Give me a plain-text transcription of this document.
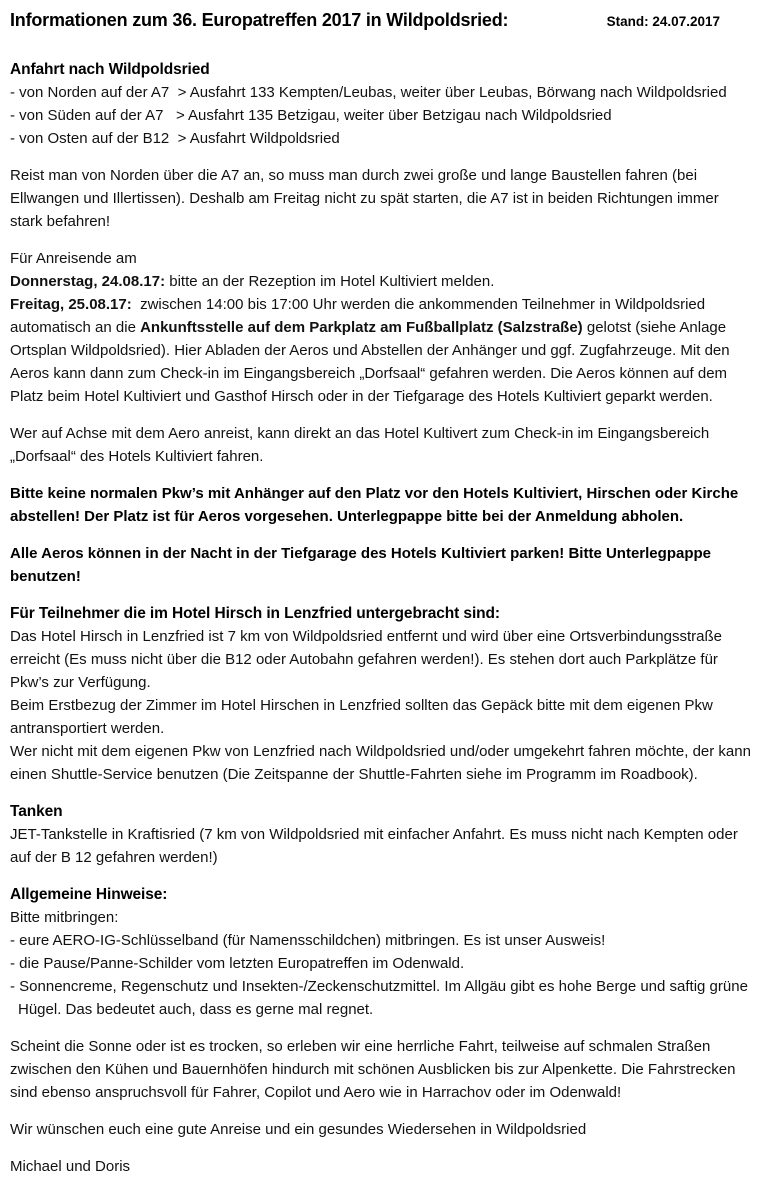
Informationen zum 36. Europatreffen 2017 in Wildpoldsried:	Stand: 24.07.2017
Anfahrt nach Wildpoldsried

- von Norden auf der A7  > Ausfahrt 133 Kempten/Leubas, weiter über Leubas, Börwang nach Wildpoldsried

- von Süden auf der A7   > Ausfahrt 135 Betzigau, weiter über Betzigau nach Wildpoldsried

- von Osten auf der B12  > Ausfahrt Wildpoldsried

Reist man von Norden über die A7 an, so muss man durch zwei große und lange Baustellen fahren (bei Ellwangen und Illertissen). Deshalb am Freitag nicht zu spät starten, die A7 ist in beiden Richtungen immer stark befahren!

Für Anreisende am

Donnerstag, 24.08.17: bitte an der Rezeption im Hotel Kultiviert melden.

Freitag, 25.08.17:  zwischen 14:00 bis 17:00 Uhr werden die ankommenden Teilnehmer in Wildpoldsried automatisch an die Ankunftsstelle auf dem Parkplatz am Fußballplatz (Salzstraße) gelotst (siehe Anlage Ortsplan Wildpoldsried). Hier Abladen der Aeros und Abstellen der Anhänger und ggf. Zugfahrzeuge. Mit den Aeros kann dann zum Check-in im Eingangsbereich „Dorfsaal“ gefahren werden. Die Aeros können auf dem Platz beim Hotel Kultiviert und Gasthof Hirsch oder in der Tiefgarage des Hotels Kultiviert geparkt werden.

Wer auf Achse mit dem Aero anreist, kann direkt an das Hotel Kultivert zum Check-in im Eingangsbereich „Dorfsaal“ des Hotels Kultiviert fahren.

Bitte keine normalen Pkw’s mit Anhänger auf den Platz vor den Hotels Kultiviert, Hirschen oder Kirche abstellen! Der Platz ist für Aeros vorgesehen. Unterlegpappe bitte bei der Anmeldung abholen.

Alle Aeros können in der Nacht in der Tiefgarage des Hotels Kultiviert parken! Bitte Unterlegpappe benutzen!

Für Teilnehmer die im Hotel Hirsch in Lenzfried untergebracht sind:

Das Hotel Hirsch in Lenzfried ist 7 km von Wildpoldsried entfernt und wird über eine Ortsverbindungsstraße erreicht (Es muss nicht über die B12 oder Autobahn gefahren werden!). Es stehen dort auch Parkplätze für Pkw’s zur Verfügung.

Beim Erstbezug der Zimmer im Hotel Hirschen in Lenzfried sollten das Gepäck bitte mit dem eigenen Pkw antransportiert werden.

Wer nicht mit dem eigenen Pkw von Lenzfried nach Wildpoldsried und/oder umgekehrt fahren möchte, der kann einen Shuttle-Service benutzen (Die Zeitspanne der Shuttle-Fahrten siehe im Programm im Roadbook).

Tanken

JET-Tankstelle in Kraftisried (7 km von Wildpoldsried mit einfacher Anfahrt. Es muss nicht nach Kempten oder auf der B 12 gefahren werden!)

Allgemeine Hinweise:

Bitte mitbringen:

- eure AERO-IG-Schlüsselband (für Namensschildchen) mitbringen. Es ist unser Ausweis!

- die Pause/Panne-Schilder vom letzten Europatreffen im Odenwald.

- Sonnencreme, Regenschutz und Insekten-/Zeckenschutzmittel. Im Allgäu gibt es hohe Berge und saftig grüne Hügel. Das bedeutet auch, dass es gerne mal regnet.

Scheint die Sonne oder ist es trocken, so erleben wir eine herrliche Fahrt, teilweise auf schmalen Straßen zwischen den Kühen und Bauernhöfen hindurch mit schönen Ausblicken bis zur Alpenkette. Die Fahrstrecken sind ebenso anspruchsvoll für Fahrer, Copilot und Aero wie in Harrachov oder im Odenwald!

Wir wünschen euch eine gute Anreise und ein gesundes Wiedersehen in Wildpoldsried

Michael und Doris
